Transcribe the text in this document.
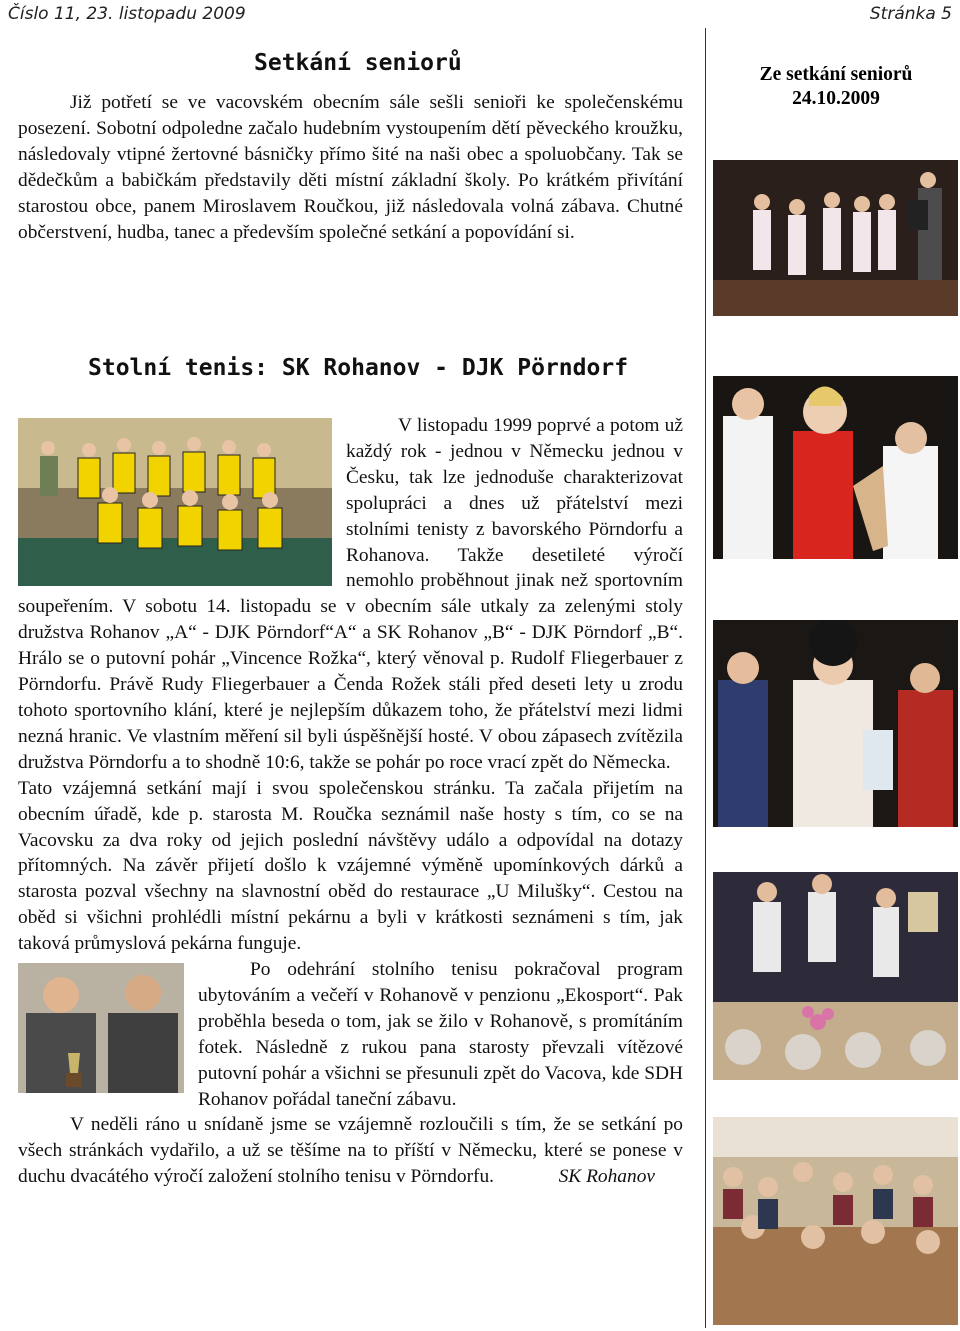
Číslo 11, 23. listopadu 2009	Stránka 5
Setkání seniorů

Již potřetí se ve vacovském obecním sále sešli senioři ke společenskému posezení. Sobotní odpoledne začalo hudebním vystoupením dětí pěveckého kroužku, následovaly vtipné žertovné básničky přímo šité na naši obec a spoluobčany. Tak se dědečkům a babičkám představily děti místní základní školy. Po krátkém přivítání starostou obce, panem Miroslavem Roučkou, již následovala volná zábava. Chutné občerstvení, hudba, tanec a především společné setkání a popovídání si.

Stolní tenis: SK Rohanov - DJK Pörndorf

V listopadu 1999 poprvé a potom už každý rok - jednou v Německu jednou v Česku, tak lze jednoduše charakterizovat spolupráci a dnes už přátelství mezi stolními tenisty z bavorského Pörndorfu a Rohanova. Takže desetileté výročí nemohlo proběhnout jinak než sportovním soupeřením. V sobotu 14. listopadu se v obecním sále utkaly za zelenými stoly družstva Rohanov „A“ - DJK Pörndorf“A“ a SK Rohanov „B“ - DJK Pörndorf „B“. Hrálo se o putovní pohár „Vincence Rožka“, který věnoval p. Rudolf Fliegerbauer z Pörndorfu. Právě Rudy Fliegerbauer a Čenda Rožek stáli před deseti lety u zrodu tohoto sportovního klání, které je nejlepším důkazem toho, že přátelství mezi lidmi nezná hranic. Ve vlastním měření sil byli úspěšnější hosté. V obou zápasech zvítězila družstva Pörndorfu a to shodně 10:6, takže se pohár po roce vrací zpět do Německa.

Tato vzájemná setkání mají i svou společenskou stránku. Ta začala přijetím na obecním úřadě, kde p. starosta M. Roučka seznámil naše hosty s tím, co se na Vacovsku za dva roky od jejich poslední návštěvy událo a odpovídal na dotazy přítomných. Na závěr přijetí došlo k vzájemné výměně upomínkových dárků a starosta pozval všechny na slavnostní oběd do restaurace „U Milušky“. Cestou na oběd si všichni prohlédli místní pekárnu a byli v krátkosti seznámeni s tím, jak taková průmyslová pekárna funguje.

Po odehrání stolního tenisu pokračoval program ubytováním a večeří v Rohanově v penzionu „Ekosport“. Pak proběhla beseda o tom, jak se žilo v Rohanově, s promítáním fotek. Následně z rukou pana starosty převzali vítězové putovní pohár a všichni se přesunuli zpět do Vacova, kde SDH Rohanov pořádal taneční zábavu.

V neděli ráno u snídaně jsme se vzájemně rozloučili s tím, že se setkání po všech stránkách vydařilo, a už se těšíme na to příští v Německu, které se ponese v duchu dvacátého výročí založení stolního tenisu v Pörndorfu.	SK Rohanov

Ze setkání seniorů
24.10.2009
